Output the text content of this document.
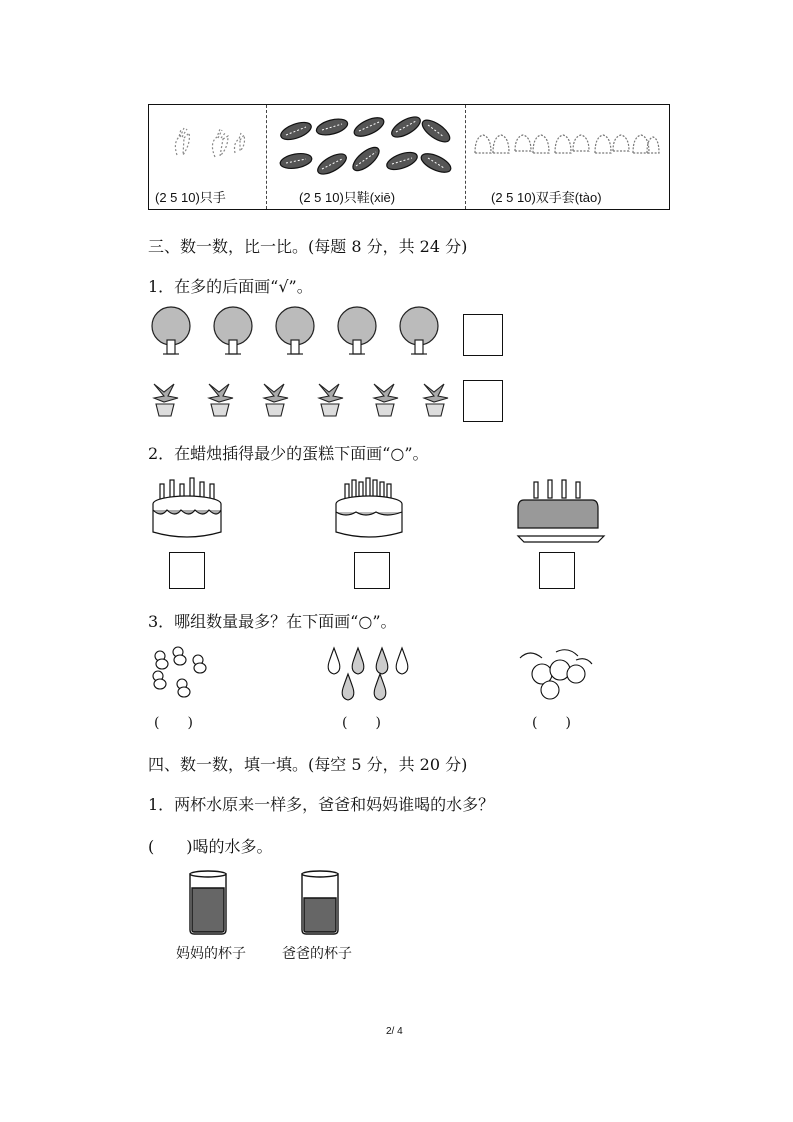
(2 5 10)只手	(2 5 10)只鞋(xiē)	(2 5 10)双手套(tào)
三、数一数，比一比。(每题 8 分，共 24 分)
1．在多的后面画“√”。
2．在蜡烛插得最少的蛋糕下面画“○”。
3．哪组数量最多？在下面画“○”。
(　　)	(　　)	(　　)
四、数一数，填一填。(每空 5 分，共 20 分)
1．两杯水原来一样多，爸爸和妈妈谁喝的水多？
(　　)喝的水多。
妈妈的杯子	爸爸的杯子
2/ 4
